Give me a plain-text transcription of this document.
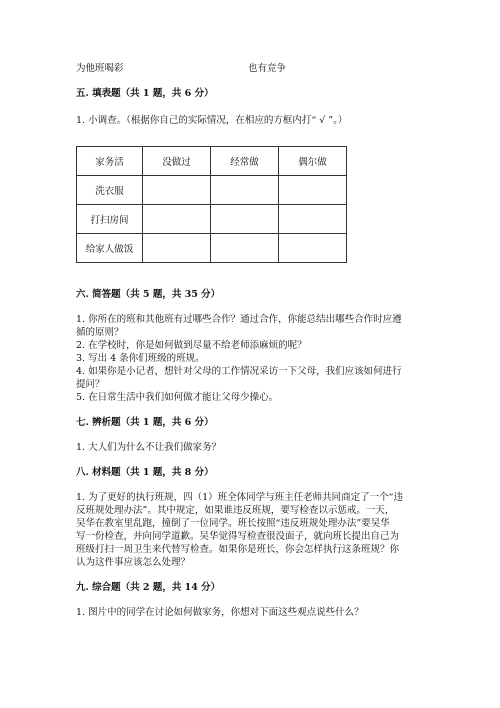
为他班喝彩	也有竞争
五. 填表题（共 1 题，共 6 分）
1. 小调查。（根据你自己的实际情况，在相应的方框内打“ √ ”。）
家务活	没做过	经常做	偶尔做
洗衣服			
打扫房间			
给家人做饭			
六. 简答题（共 5 题，共 35 分）
1. 你所在的班和其他班有过哪些合作？通过合作，你能总结出哪些合作时应遵
循的原则？
2. 在学校时，你是如何做到尽量不给老师添麻烦的呢？
3. 写出 4 条你们班级的班规。
4. 如果你是小记者，想针对父母的工作情况采访一下父母，我们应该如何进行
提问？
5. 在日常生活中我们如何做才能让父母少操心。
七. 辨析题（共 1 题，共 6 分）
1. 大人们为什么不让我们做家务？
八. 材料题（共 1 题，共 8 分）
1. 为了更好的执行班规，四（1）班全体同学与班主任老师共同商定了一个“违
反班规处理办法”。其中规定，如果谁违反班规，要写检查以示惩戒。一天，
吴华在教室里乱跑，撞倒了一位同学。班长按照“违反班规处理办法”要吴华
写一份检查，并向同学道歉。吴华觉得写检查很没面子，就向班长提出自己为
班级打扫一周卫生来代替写检查。如果你是班长，你会怎样执行这条班规？你
认为这件事应该怎么处理？
九. 综合题（共 2 题，共 14 分）
1. 图片中的同学在讨论如何做家务，你想对下面这些观点说些什么？
